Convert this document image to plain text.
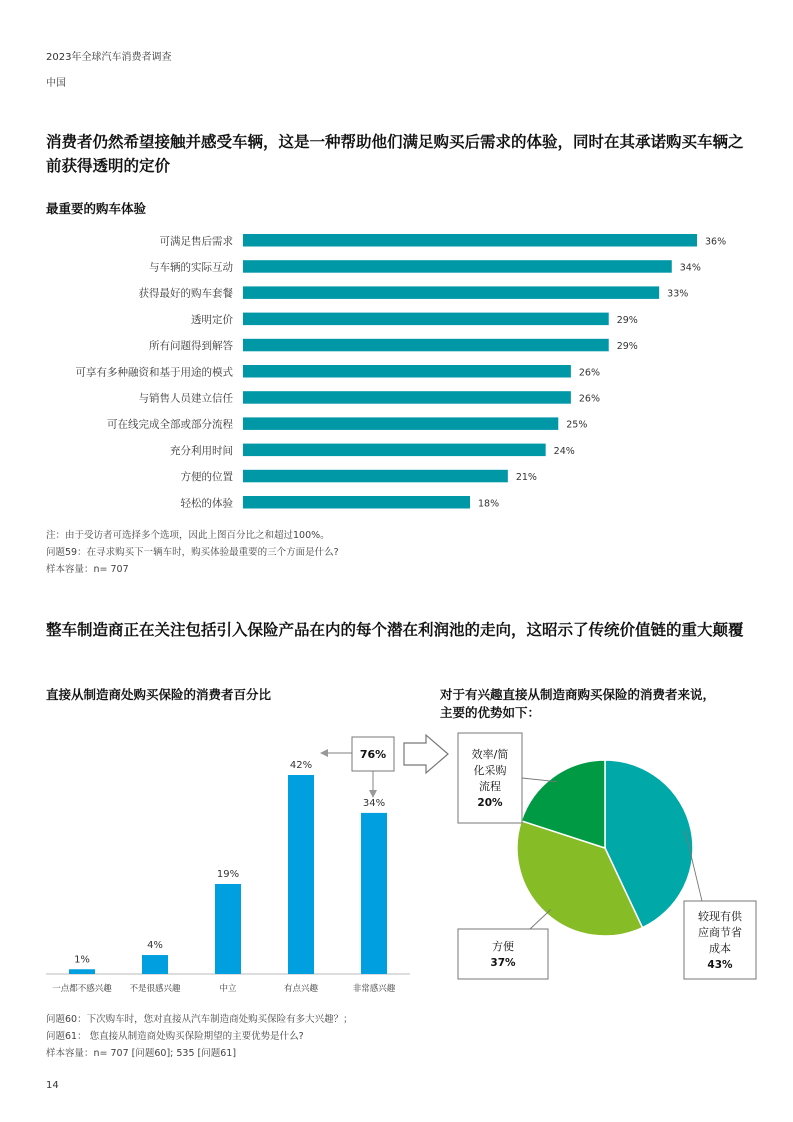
2023年全球汽车消费者调查
中国
消费者仍然希望接触并感受车辆，这是一种帮助他们满足购买后需求的体验，同时在其承诺购买车辆之前获得透明的定价
最重要的购车体验
可满足售后需求	36%
与车辆的实际互动	34%
获得最好的购车套餐	33%
透明定价	29%
所有问题得到解答	29%
可享有多种融资和基于用途的模式	26%
与销售人员建立信任	26%
可在线完成全部或部分流程	25%
充分利用时间	24%
方便的位置	21%
轻松的体验	18%
注：由于受访者可选择多个选项，因此上图百分比之和超过100%。
问题59：在寻求购买下一辆车时，购买体验最重要的三个方面是什么?
样本容量：n= 707
整车制造商正在关注包括引入保险产品在内的每个潜在利润池的走向，这昭示了传统价值链的重大颠覆
直接从制造商处购买保险的消费者百分比	对于有兴趣直接从制造商购买保险的消费者来说，
主要的优势如下：
1%
一点都不感兴趣
4%
不是很感兴趣
19%
中立
42%
有点兴趣
34%
非常感兴趣
76%
较现有供
应商节省
成本
43%
方便
37%
效率/简
化采购
流程
20%
问题60：下次购车时，您对直接从汽车制造商处购买保险有多大兴趣？；
问题61： 您直接从制造商处购买保险期望的主要优势是什么?
样本容量：n= 707 [问题60]; 535 [问题61]
14
